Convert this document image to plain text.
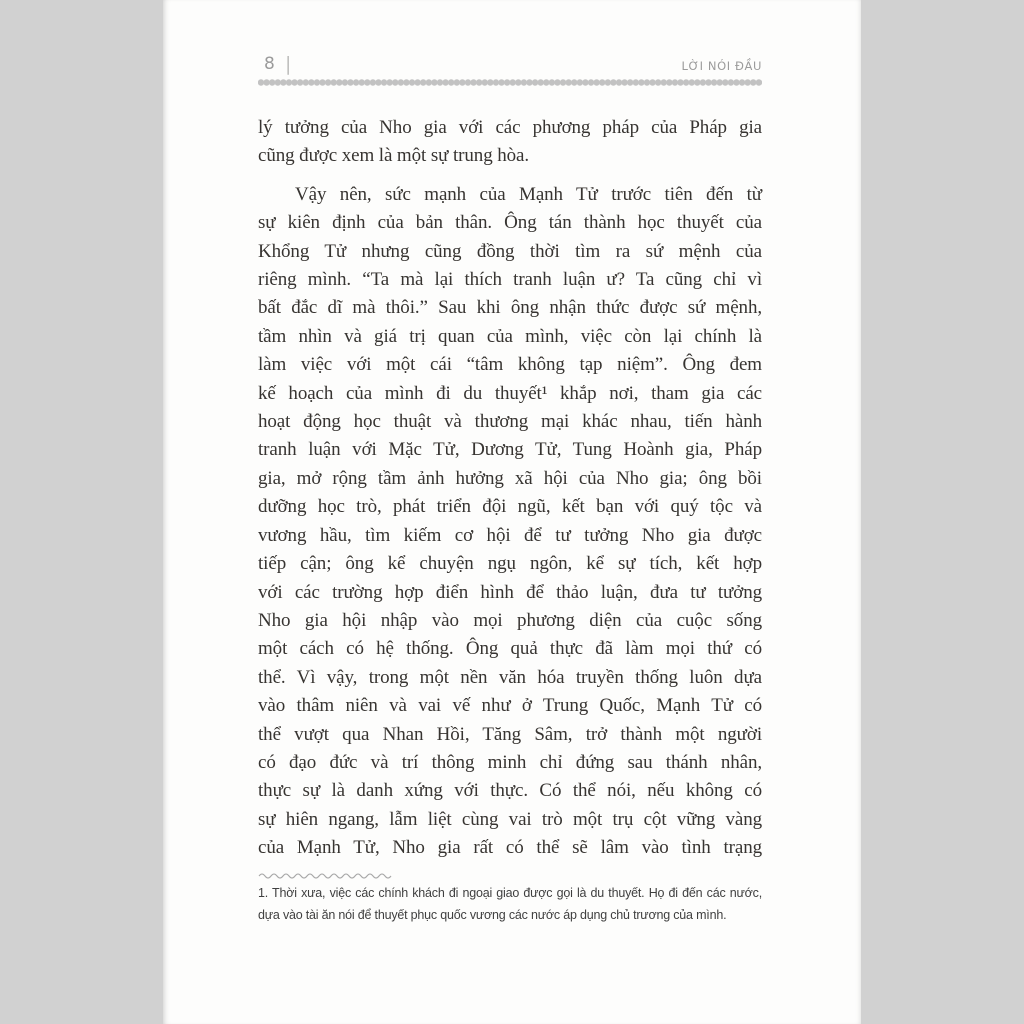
8 |	LỜI NÓI ĐẦU
lý tưởng của Nho gia với các phương pháp của Pháp gia
cũng được xem là một sự trung hòa.
Vậy nên, sức mạnh của Mạnh Tử trước tiên đến từ
sự kiên định của bản thân. Ông tán thành học thuyết của
Khổng Tử nhưng cũng đồng thời tìm ra sứ mệnh của
riêng mình. “Ta mà lại thích tranh luận ư? Ta cũng chỉ vì
bất đắc dĩ mà thôi.” Sau khi ông nhận thức được sứ mệnh,
tầm nhìn và giá trị quan của mình, việc còn lại chính là
làm việc với một cái “tâm không tạp niệm”. Ông đem
kế hoạch của mình đi du thuyết¹ khắp nơi, tham gia các
hoạt động học thuật và thương mại khác nhau, tiến hành
tranh luận với Mặc Tử, Dương Tử, Tung Hoành gia, Pháp
gia, mở rộng tầm ảnh hưởng xã hội của Nho gia; ông bồi
dưỡng học trò, phát triển đội ngũ, kết bạn với quý tộc và
vương hầu, tìm kiếm cơ hội để tư tưởng Nho gia được
tiếp cận; ông kể chuyện ngụ ngôn, kể sự tích, kết hợp
với các trường hợp điển hình để thảo luận, đưa tư tưởng
Nho gia hội nhập vào mọi phương diện của cuộc sống
một cách có hệ thống. Ông quả thực đã làm mọi thứ có
thể. Vì vậy, trong một nền văn hóa truyền thống luôn dựa
vào thâm niên và vai vế như ở Trung Quốc, Mạnh Tử có
thể vượt qua Nhan Hồi, Tăng Sâm, trở thành một người
có đạo đức và trí thông minh chỉ đứng sau thánh nhân,
thực sự là danh xứng với thực. Có thể nói, nếu không có
sự hiên ngang, lẫm liệt cùng vai trò một trụ cột vững vàng
của Mạnh Tử, Nho gia rất có thể sẽ lâm vào tình trạng
1. Thời xưa, việc các chính khách đi ngoại giao được gọi là du thuyết. Họ đi đến các nước,
dựa vào tài ăn nói để thuyết phục quốc vương các nước áp dụng chủ trương của mình.
